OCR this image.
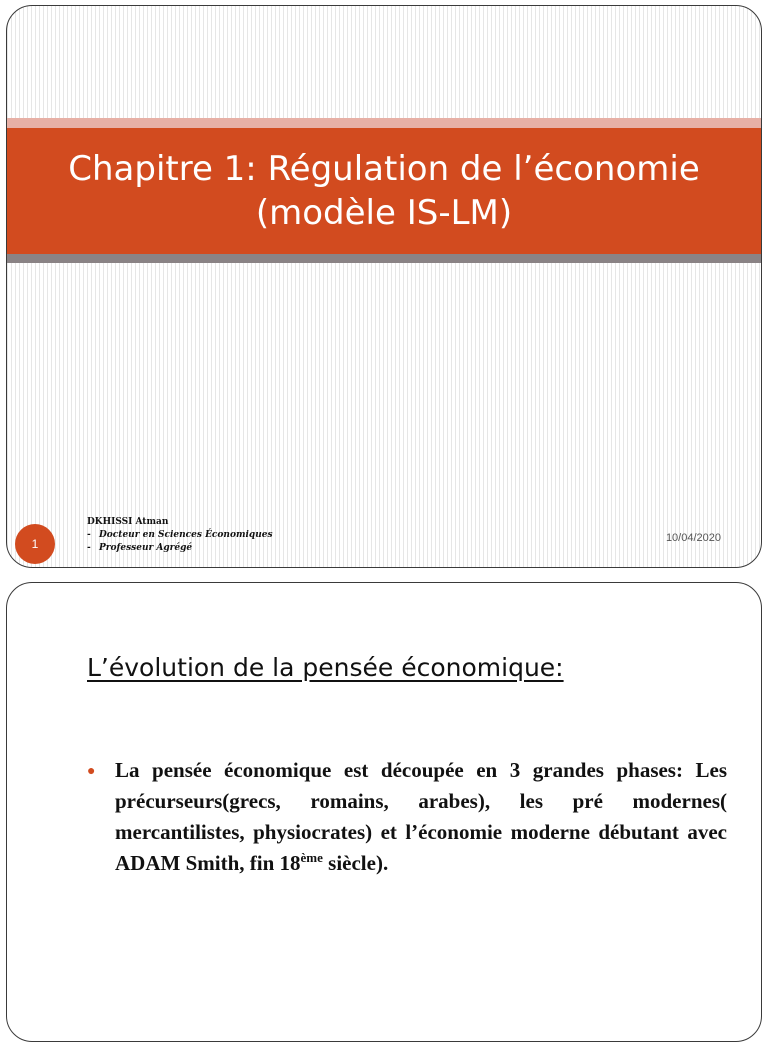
Chapitre 1: Régulation de l’économie
(modèle IS-LM)
1
DKHISSI Atman
- Docteur en Sciences Économiques
- Professeur Agrégé
10/04/2020
L’évolution de la pensée économique:
● La pensée économique est découpée en 3 grandes phases: Les précurseurs(grecs, romains, arabes), les pré modernes( mercantilistes, physiocrates) et l’économie moderne débutant avec ADAM Smith, fin 18ème siècle).
